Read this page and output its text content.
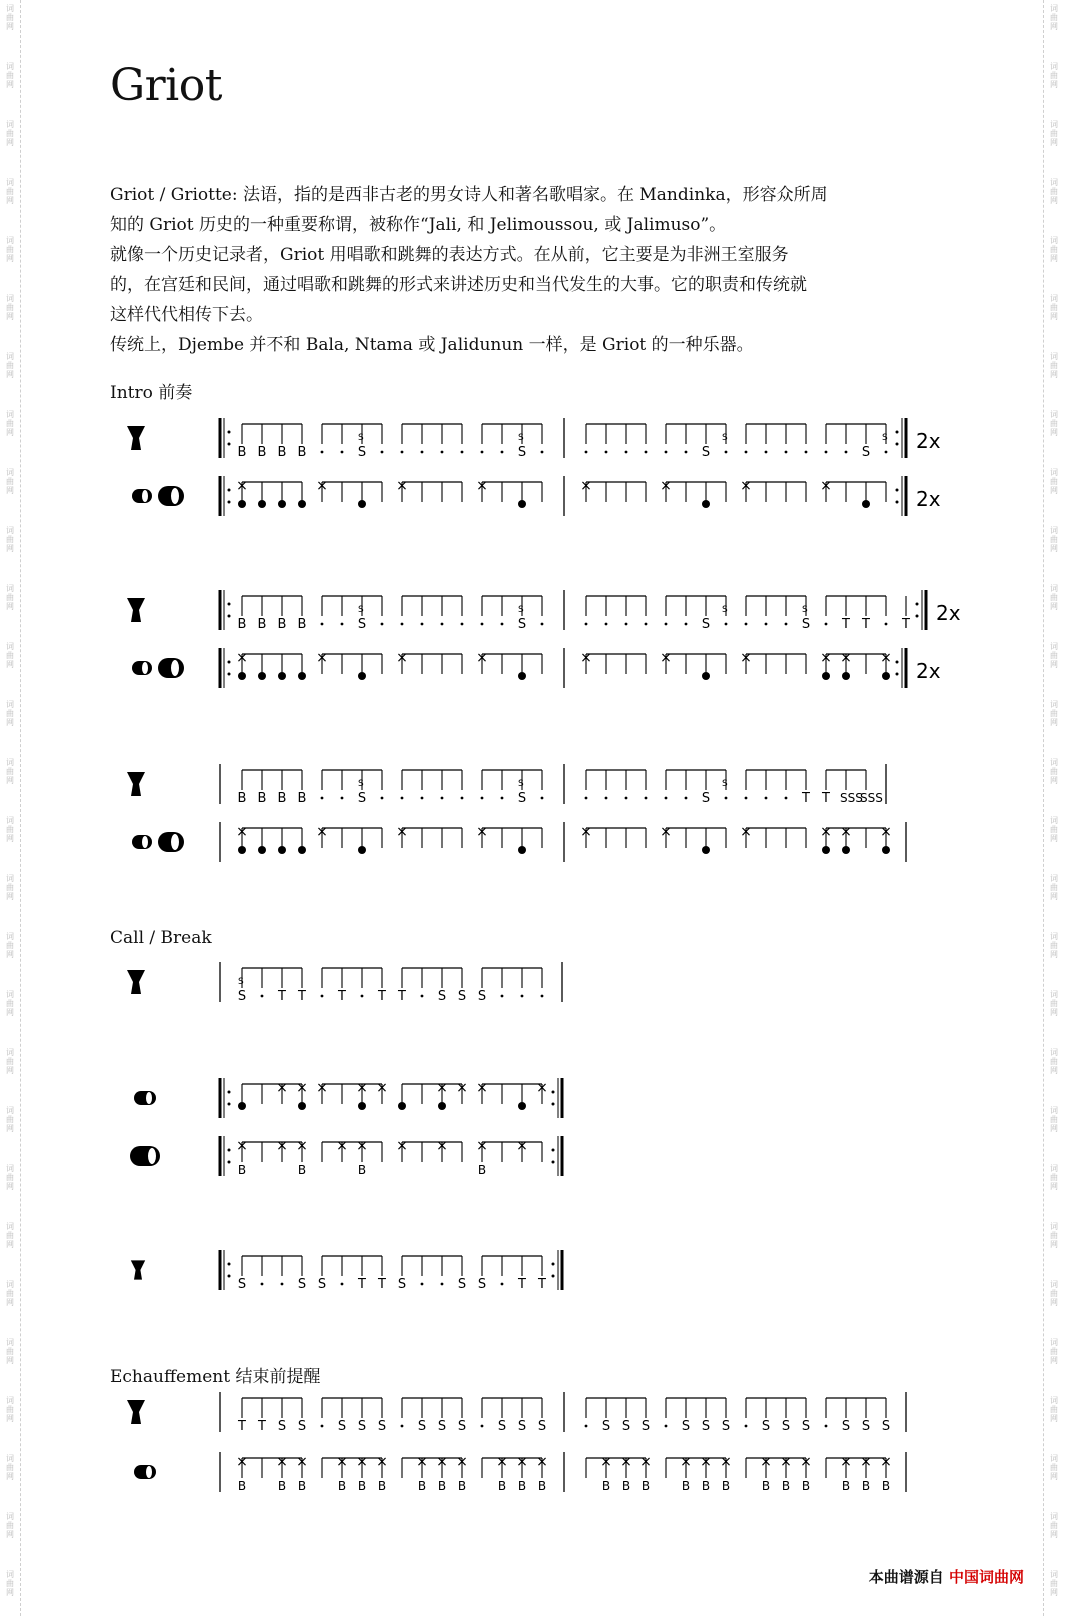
词
曲
网
词
曲
网
词
曲
网
词
曲
网
词
曲
网
词
曲
网
词
曲
网
词
曲
网
词
曲
网
词
曲
网
词
曲
网
词
曲
网
词
曲
网
词
曲
网
词
曲
网
词
曲
网
词
曲
网
词
曲
网
词
曲
网
词
曲
网
词
曲
网
词
曲
网
词
曲
网
词
曲
网
词
曲
网
词
曲
网
词
曲
网
词
曲
网
词
曲
网
词
曲
网
词
曲
网
词
曲
网
词
曲
网
词
曲
网
词
曲
网
词
曲
网
词
曲
网
词
曲
网
词
曲
网
词
曲
网
词
曲
网
词
曲
网
词
曲
网
词
曲
网
词
曲
网
词
曲
网
词
曲
网
词
曲
网
词
曲
网
词
曲
网
词
曲
网
词
曲
网
词
曲
网
词
曲
网
词
曲
网
词
曲
网
Griot

Griot / Griotte: 法语，指的是西非古老的男女诗人和著名歌唱家。在 Mandinka，形容众所周

知的 Griot 历史的一种重要称谓，被称作“Jali, 和 Jelimoussou, 或 Jalimuso”。

就像一个历史记录者，Griot 用唱歌和跳舞的表达方式。在从前，它主要是为非洲王室服务

的，在宫廷和民间，通过唱歌和跳舞的形式来讲述历史和当代发生的大事。它的职责和传统就

这样代代相传下去。

传统上，Djembe 并不和 Bala, Ntama 或 Jalidunun 一样，是 Griot 的一种乐器。

Intro 前奏
Call / Break
Echauffement 结束前提醒
B B B B	S
S
S
S
S
S
S
S 2x
×	×	×	×	×	×	×	×
2x
B B B B	S
S
S
S
S
S
S
S
T T T 2x
×	×	×	×	×	×	×	× × ×
2x
B B B B	S
S
S
S
S
S
T T SSS
SSS
×	×	×	×	×	×	×	× × ×
S
S
T T T T T S S S
× × × × ×	× × ×	×
×
B
× ×
B
× ×
B
× × ×
B
×
S	S S T T S	S S T T
T T S S S S S S S S S S S	S S S S S S S S S S S S
×
B
×
B
×
B
×
B
×
B
×
B
×
B
×
B
×
B
×
B
×
B
×
B
×
B
×
B
×
B
×
B
×
B
×
B
×
B
×
B
×
B
×
B
×
B
×
B
本曲谱源自 中国词曲网
